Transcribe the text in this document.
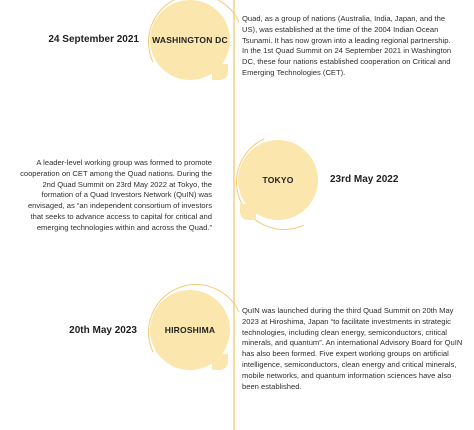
WASHINGTON DC
24 September 2021
Quad, as a group of nations (Australia, India, Japan, and the US), was established at the time of the 2004 Indian Ocean Tsunami. It has now grown into a leading regional partnership. In the 1st Quad Summit on 24 September 2021 in Washington DC, these four nations established cooperation on Critical and Emerging Technologies (CET).
TOKYO	23rd May 2022
A leader-level working group was formed to promote cooperation on CET among the Quad nations. During the 2nd Quad Summit on 23rd May 2022 at Tokyo, the formation of a Quad Investors Network (QuIN) was envisaged, as “an independent consortium of investors that seeks to advance access to capital for critical and emerging technologies within and across the Quad.”
HIROSHIMA
20th May 2023
QuIN was launched during the third Quad Summit on 20th May 2023 at Hiroshima, Japan “to facilitate investments in strategic technologies, including clean energy, semiconductors, critical minerals, and quantum”. An international Advisory Board for QuIN has also been formed. Five expert working groups on artificial intelligence, semiconductors, clean energy and critical minerals, mobile networks, and quantum information sciences have also been established.
